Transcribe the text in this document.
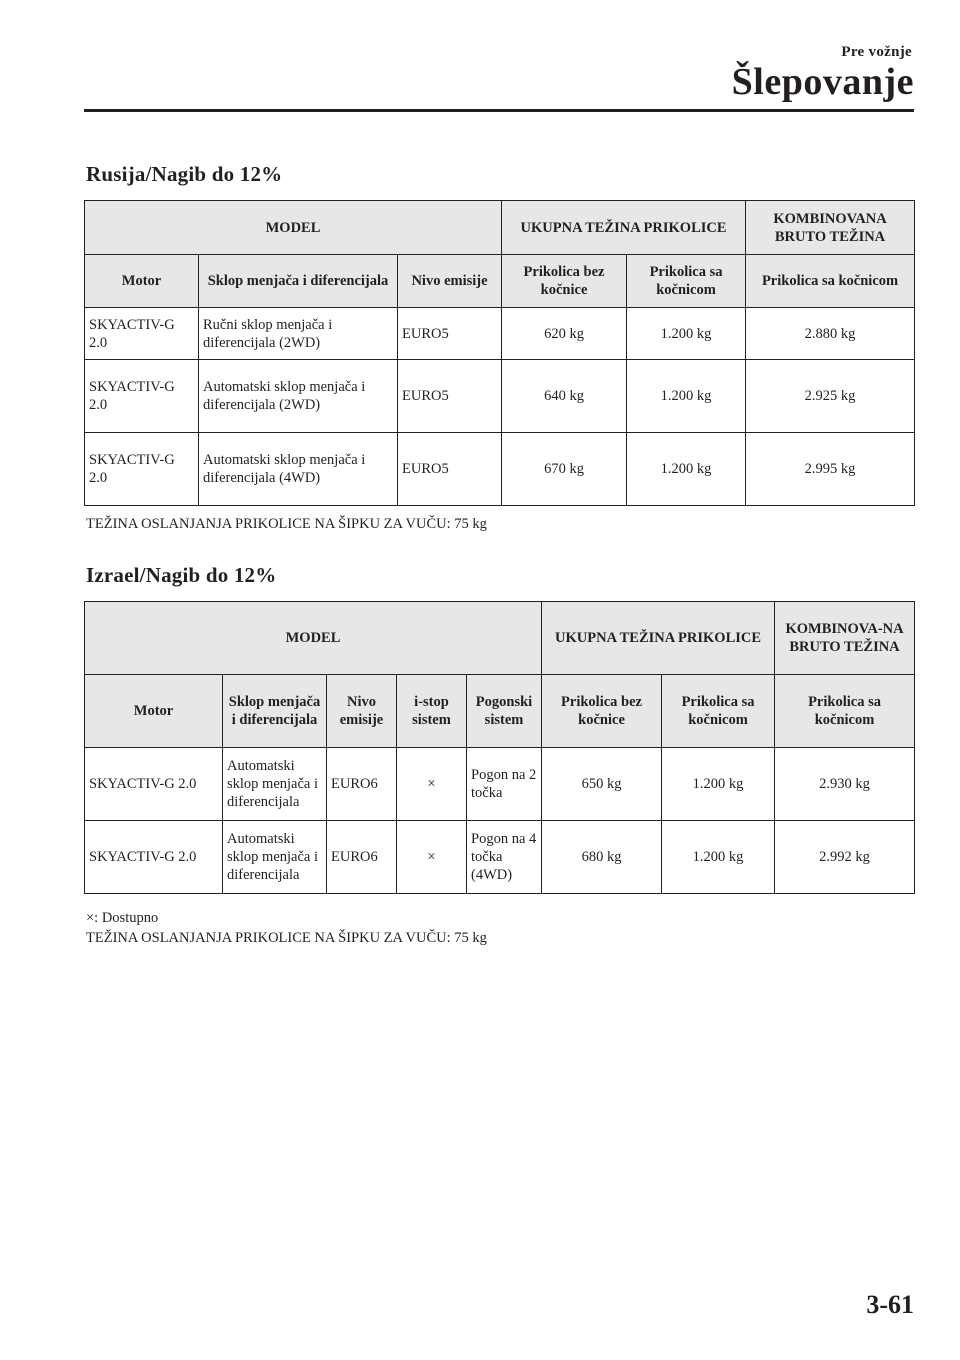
Pre vožnje
Šlepovanje
Rusija/Nagib do 12%
MODEL			UKUPNA TEŽINA PRIKOLICE		KOMBINOVANA BRUTO TEŽINA
Motor	Sklop menjača i diferencijala	Nivo emisije	Prikolica bez kočnice	Prikolica sa kočnicom	Prikolica sa kočnicom
SKYACTIV-G 2.0	Ručni sklop menjača i diferencijala (2WD)	EURO5	620 kg	1.200 kg	2.880 kg
SKYACTIV-G 2.0	Automatski sklop menjača i diferencijala (2WD)	EURO5	640 kg	1.200 kg	2.925 kg
SKYACTIV-G 2.0	Automatski sklop menjača i diferencijala (4WD)	EURO5	670 kg	1.200 kg	2.995 kg
TEŽINA OSLANJANJA PRIKOLICE NA ŠIPKU ZA VUČU: 75 kg
Izrael/Nagib do 12%
MODEL					UKUPNA TEŽINA PRIKOLICE		KOMBINOVA-NA BRUTO TEŽINA
Motor	Sklop menjača i diferencijala	Nivo emisije	i-stop sistem	Pogonski sistem	Prikolica bez kočnice	Prikolica sa kočnicom	Prikolica sa kočnicom
SKYACTIV-G 2.0	Automatski sklop menjača i diferencijala	EURO6	×	Pogon na 2 točka	650 kg	1.200 kg	2.930 kg
SKYACTIV-G 2.0	Automatski sklop menjača i diferencijala	EURO6	×	Pogon na 4 točka (4WD)	680 kg	1.200 kg	2.992 kg
×: Dostupno
TEŽINA OSLANJANJA PRIKOLICE NA ŠIPKU ZA VUČU: 75 kg
3-61
